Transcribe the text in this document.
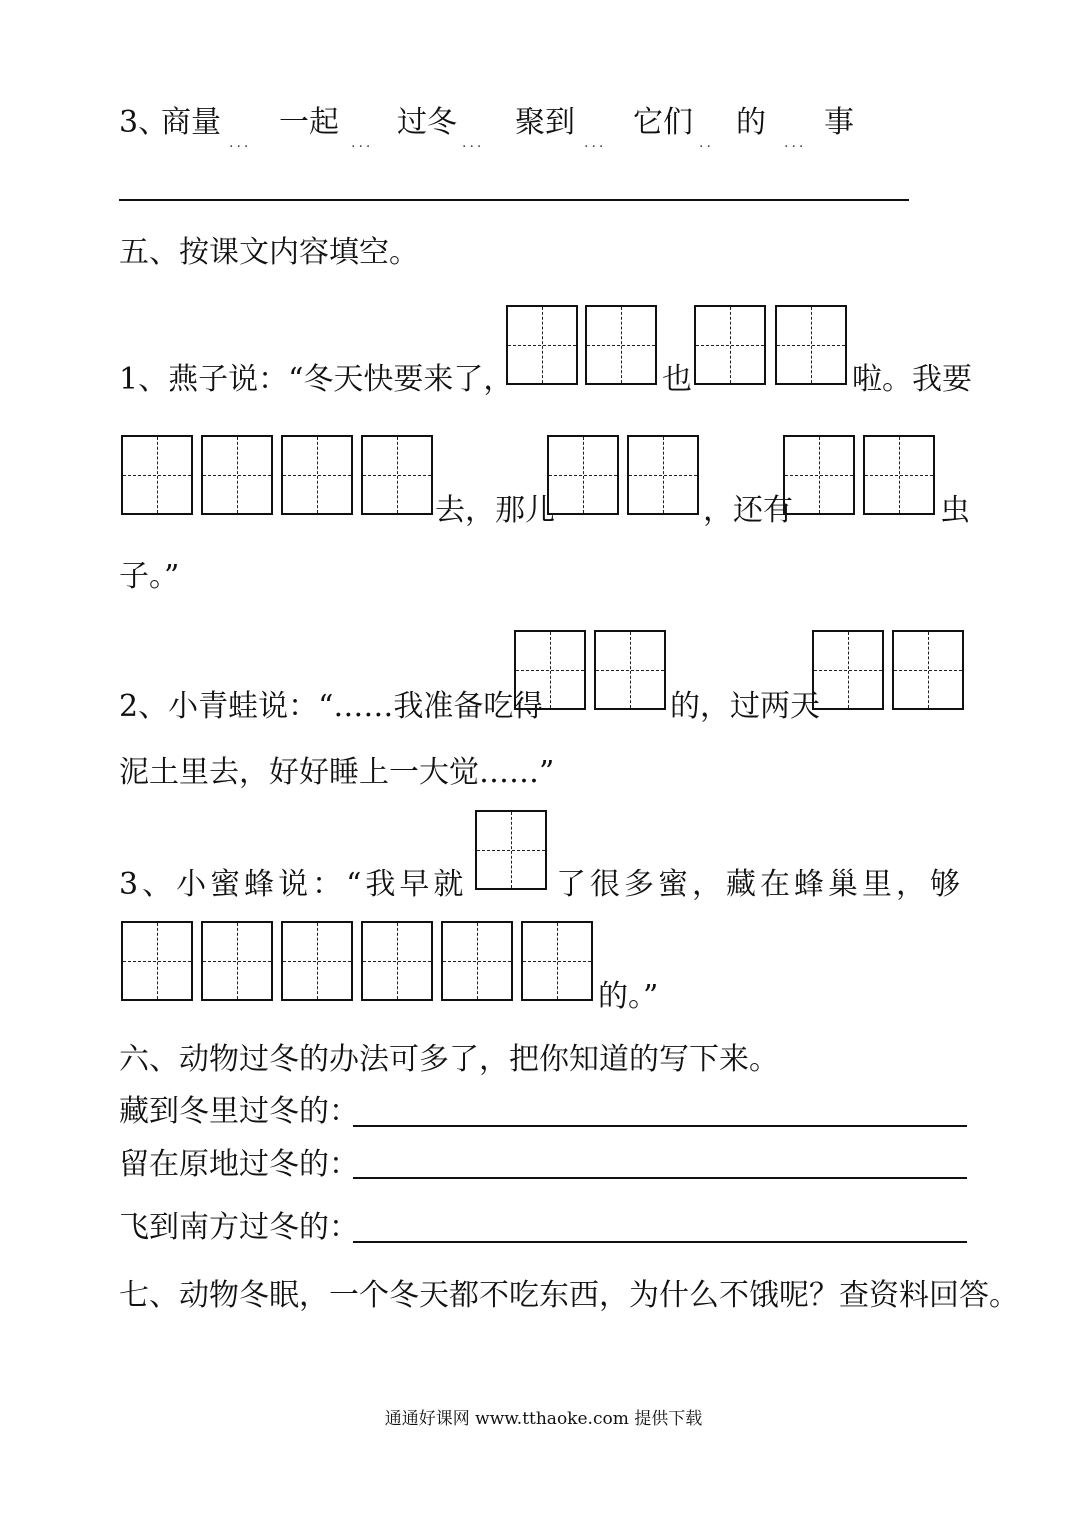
3、
商量
...
一起
...
过冬
...
聚到
...
它们
..
的
...
事
五、按课文内容填空。
1、燕子说：“冬天快要来了，	也	啦。我要
去，那儿	，还有	虫
子。”
2、小青蛙说：“……我准备吃得	的，过两天
泥土里去，好好睡上一大觉……”
3、小蜜蜂说：“我早就	了很多蜜，藏在蜂巢里，够
的。”
六、动物过冬的办法可多了，把你知道的写下来。
藏到冬里过冬的：
留在原地过冬的：
飞到南方过冬的：
七、动物冬眠，一个冬天都不吃东西，为什么不饿呢？查资料回答。
通通好课网 www.tthaoke.com 提供下载
